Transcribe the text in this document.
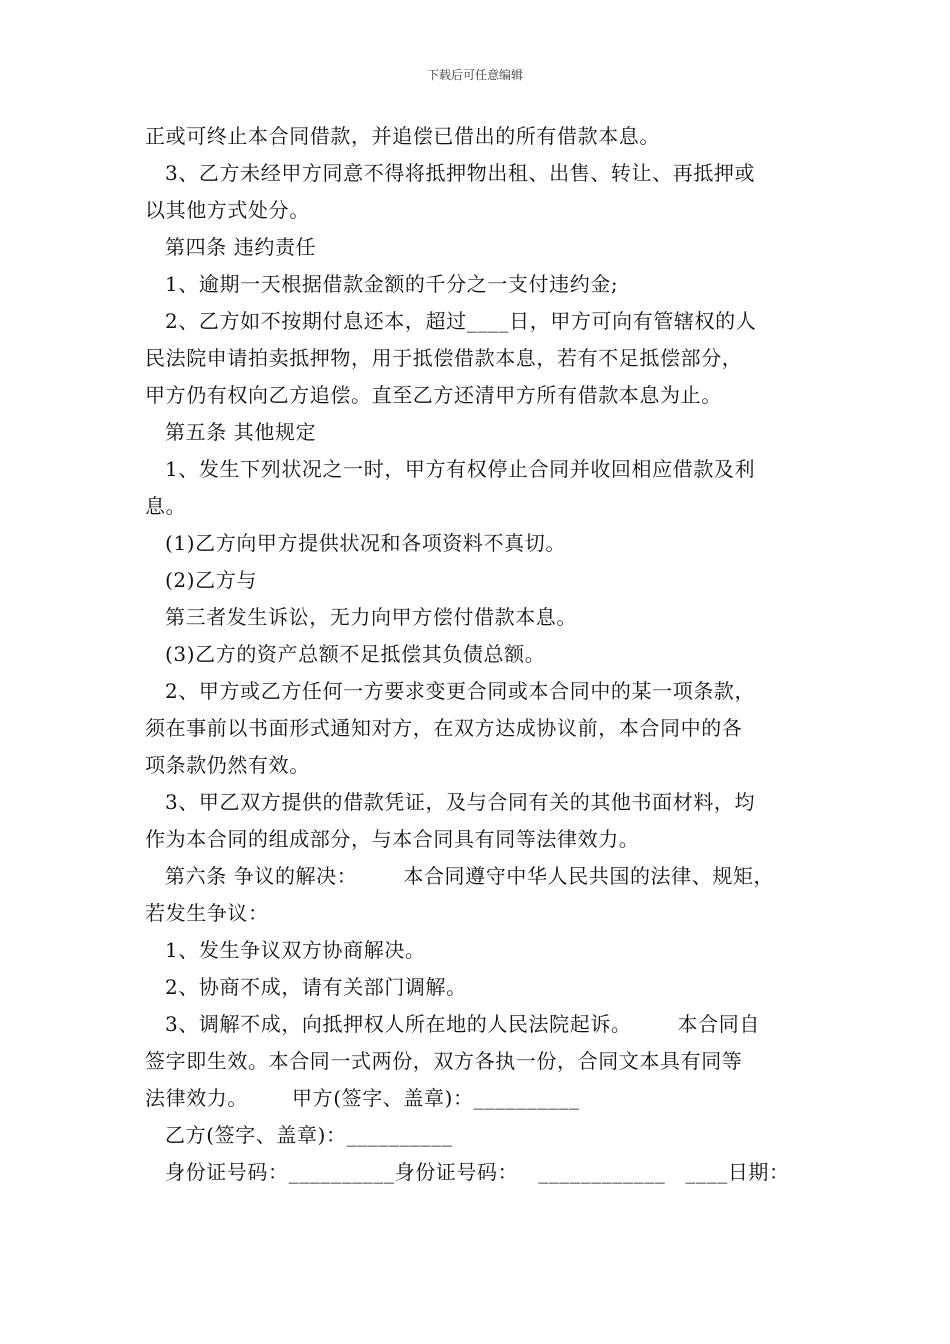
下载后可任意编辑
正或可终止本合同借款，并追偿已借出的所有借款本息。
3、乙方未经甲方同意不得将抵押物出租、出售、转让、再抵押或
以其他方式处分。
第四条 违约责任
1、逾期一天根据借款金额的千分之一支付违约金;
2、乙方如不按期付息还本，超过____日，甲方可向有管辖权的人
民法院申请拍卖抵押物，用于抵偿借款本息，若有不足抵偿部分，
甲方仍有权向乙方追偿。直至乙方还清甲方所有借款本息为止。
第五条 其他规定
1、发生下列状况之一时，甲方有权停止合同并收回相应借款及利
息。
(1)乙方向甲方提供状况和各项资料不真切。
(2)乙方与
第三者发生诉讼，无力向甲方偿付借款本息。
(3)乙方的资产总额不足抵偿其负债总额。
2、甲方或乙方任何一方要求变更合同或本合同中的某一项条款，
须在事前以书面形式通知对方，在双方达成协议前，本合同中的各
项条款仍然有效。
3、甲乙双方提供的借款凭证，及与合同有关的其他书面材料，均
作为本合同的组成部分，与本合同具有同等法律效力。
第六条 争议的解决： 本合同遵守中华人民共国的法律、规矩，
若发生争议：
1、发生争议双方协商解决。
2、协商不成，请有关部门调解。
3、调解不成，向抵押权人所在地的人民法院起诉。 本合同自
签字即生效。本合同一式两份，双方各执一份，合同文本具有同等
法律效力。 甲方(签字、盖章)：__________
乙方(签字、盖章)：__________
身份证号码：__________身份证号码： ____________ ____日期：
